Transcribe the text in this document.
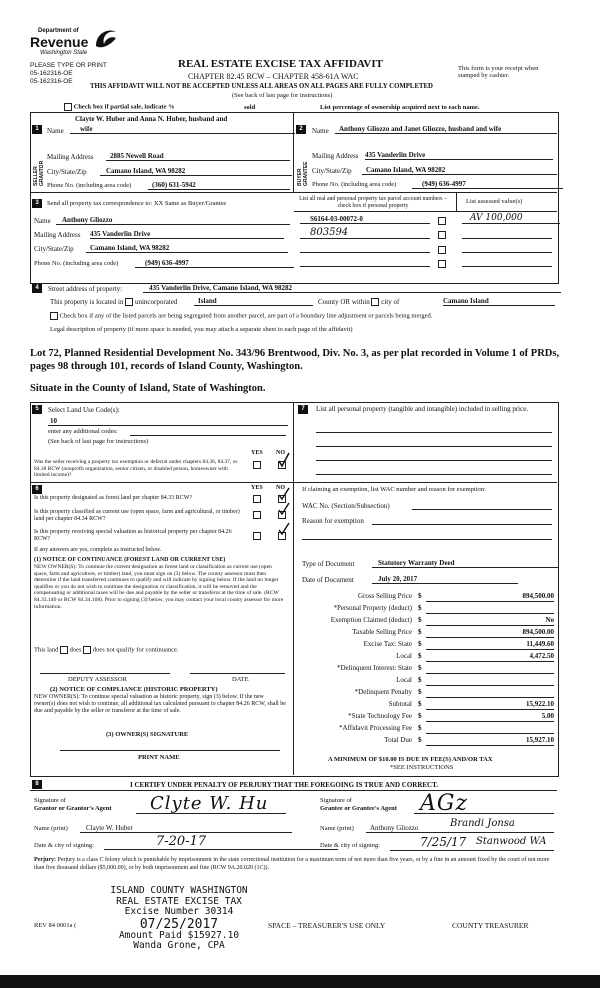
Department of
Revenue
Washington State
PLEASE TYPE OR PRINT
05-162316-OE
05-162316-OE
REAL ESTATE EXCISE TAX AFFIDAVIT
CHAPTER 82.45 RCW – CHAPTER 458-61A WAC
This form is your receipt when stamped by cashier.
THIS AFFIDAVIT WILL NOT BE ACCEPTED UNLESS ALL AREAS ON ALL PAGES ARE FULLY COMPLETED
(See back of last page for instructions)
Check box if partial sale, indicate %	sold	List percentage of ownership acquired next to each name.
1
SELLER GRANTOR
Name
Clayte W. Huber and Anna N. Huber, husband and
wife
Mailing Address	2885 Newell Road
City/State/Zip	Camano Island, WA 98282
Phone No. (including area code)	(360) 631-5942
2
BUYER GRANTEE
Name	Anthony Gliozzo and Janet Gliozzo, husband and wife
Mailing Address 435 Vanderlin Drive
City/State/Zip	Camano Island, WA 98282
Phone No. (including area code)	(949) 636-4997
3	Send all property tax correspondence to: XX Same as Buyer/Grantee
Name	Anthony Gliozzo
Mailing Address 435 Vanderlin Drive
City/State/Zip	Camano Island, WA 98282
Phone No. (including area code)	(949) 636-4997
List all real and personal property tax parcel account numbers – check box if personal property
List assessed value(s)
S6164-03-00072-0	AV 100,000
803594
4	Street address of property:	435 Vanderlin Drive, Camano Island, WA 98282
This property is located in unincorporated	Island	County OR within city of	Camano Island
Check box if any of the listed parcels are being segregated from another parcel, are part of a boundary line adjustment or parcels being merged.
Legal description of property (if more space is needed, you may attach a separate sheet to each page of the affidavit)
Lot 72, Planned Residential Development No. 343/96 Brentwood, Div. No. 3, as per plat recorded in Volume 1 of PRDs, pages 98 through 101, records of Island County, Washington.
Situate in the County of Island, State of Washington.
5	Select Land Use Code(s):
10
enter any additional codes:
(See back of last page for instructions)
YES NO
Was the seller receiving a property tax exemption or deferral under chapters 84.36, 84.37, or 84.38 RCW (nonprofit organization, senior citizen, or disabled person, homeowner with limited income)?
6	YES NO
Is this property designated as forest land per chapter 84.33 RCW?
Is this property classified as current use (open space, farm and agricultural, or timber) land per chapter 84.34 RCW?
Is this property receiving special valuation as historical property per chapter 84.26 RCW?
If any answers are yes, complete as instructed below.
(1) NOTICE OF CONTINUANCE (FOREST LAND OR CURRENT USE)
NEW OWNER(S): To continue the current designation as forest land or classification as current use (open space, farm and agriculture, or timber) land, you must sign on (3) below. The county assessor must then determine if the land transferred continues to qualify and will indicate by signing below. If the land no longer qualifies or you do not wish to continue the designation or classification, it will be removed and the compensating or additional taxes will be due and payable by the seller or transferor at the time of sale. (RCW 84.33.140 or RCW 84.34.108). Prior to signing (3) below, you may contact your local county assessor for more information.
This land does does not qualify for continuance.
DEPUTY ASSESSOR	DATE
(2) NOTICE OF COMPLIANCE (HISTORIC PROPERTY)
NEW OWNER(S): To continue special valuation as historic property, sign (3) below. If the new owner(s) does not wish to continue, all additional tax calculated pursuant to chapter 84.26 RCW, shall be due and payable by the seller or transferor at the time of sale.
(3) OWNER(S) SIGNATURE
PRINT NAME
7	List all personal property (tangible and intangible) included in selling price.
If claiming an exemption, list WAC number and reason for exemption:
WAC No. (Section/Subsection)
Reason for exemption
Type of Document	Statutory Warranty Deed
Date of Document	July 20, 2017
Gross Selling Price $	894,500.00
*Personal Property (deduct) $
Exemption Claimed (deduct) $	No
Taxable Selling Price $	894,500.00
Excise Tax: State $	11,449.60
Local $	4,472.50
*Delinquent Interest: State $
Local $
*Delinquent Penalty $
Subtotal $	15,922.10
*State Technology Fee $	5.00
*Affidavit Processing Fee $
Total Due $	15,927.10
A MINIMUM OF $10.00 IS DUE IN FEE(S) AND/OR TAX
*SEE INSTRUCTIONS
8	I CERTIFY UNDER PENALTY OF PERJURY THAT THE FOREGOING IS TRUE AND CORRECT.
Signature of
Grantor or Grantor's Agent Clyte W. Hu
Name (print)	Clayte W. Huber
Date & city of signing:	7-20-17
Signature of
Grantee or Grantee's Agent AGz
Name (print)	Anthony Gliozzo	Brandi Jonsa
Date & city of signing:	7/25/17 Stanwood WA
Perjury: Perjury is a class C felony which is punishable by imprisonment in the state correctional institution for a maximum term of not more than five years, or by a fine in an amount fixed by the court of not more than five thousand dollars ($5,000.00), or by both imprisonment and fine (RCW 9A.20.020 (1C)).
ISLAND COUNTY WASHINGTON
REAL ESTATE EXCISE TAX
Excise Number 30314
07/25/2017
Amount Paid $15927.10
Wanda Grone, CPA
REV 84 0001a (	SPACE – TREASURER'S USE ONLY	COUNTY TREASURER
